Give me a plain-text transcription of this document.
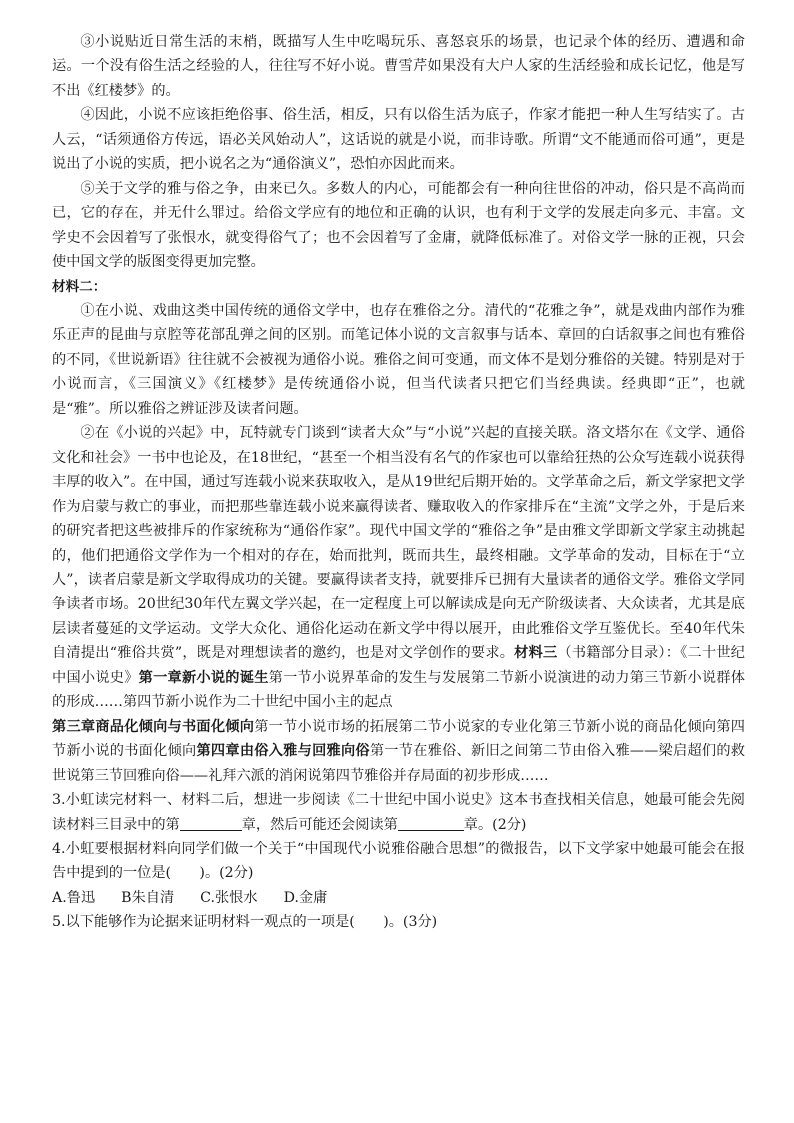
③小说贴近日常生活的末梢，既描写人生中吃喝玩乐、喜怒哀乐的场景，也记录个体的经历、遭遇和命运。一个没有俗生活之经验的人，往往写不好小说。曹雪芹如果没有大户人家的生活经验和成长记忆，他是写不出《红楼梦》的。

④因此，小说不应该拒绝俗事、俗生活，相反，只有以俗生活为底子，作家才能把一种人生写结实了。古人云，“话须通俗方传远，语必关风始动人”，这话说的就是小说，而非诗歌。所谓“文不能通而俗可通”，更是说出了小说的实质，把小说名之为“通俗演义”，恐怕亦因此而来。

⑤关于文学的雅与俗之争，由来已久。多数人的内心，可能都会有一种向往世俗的冲动，俗只是不高尚而已，它的存在，并无什么罪过。给俗文学应有的地位和正确的认识，也有利于文学的发展走向多元、丰富。文学史不会因着写了张恨水，就变得俗气了；也不会因着写了金庸，就降低标准了。对俗文学一脉的正视，只会使中国文学的版图变得更加完整。

材料二：

①在小说、戏曲这类中国传统的通俗文学中，也存在雅俗之分。清代的“花雅之争”，就是戏曲内部作为雅乐正声的昆曲与京腔等花部乱弹之间的区别。而笔记体小说的文言叙事与话本、章回的白话叙事之间也有雅俗的不同，《世说新语》往往就不会被视为通俗小说。雅俗之间可变通，而文体不是划分雅俗的关键。特别是对于小说而言，《三国演义》《红楼梦》是传统通俗小说，但当代读者只把它们当经典读。经典即“正”，也就是“雅”。所以雅俗之辨证涉及读者问题。

②在《小说的兴起》中，瓦特就专门谈到“读者大众”与“小说”兴起的直接关联。洛文塔尔在《文学、通俗文化和社会》一书中也论及，在18世纪，“甚至一个相当没有名气的作家也可以靠给狂热的公众写连载小说获得丰厚的收入”。在中国，通过写连载小说来获取收入，是从19世纪后期开始的。文学革命之后，新文学家把文学作为启蒙与救亡的事业，而把那些靠连载小说来赢得读者、赚取收入的作家排斥在“主流”文学之外，于是后来的研究者把这些被排斥的作家统称为“通俗作家”。现代中国文学的“雅俗之争”是由雅文学即新文学家主动挑起的，他们把通俗文学作为一个相对的存在，始而批判，既而共生，最终相融。文学革命的发动，目标在于“立人”，读者启蒙是新文学取得成功的关键。要赢得读者支持，就要排斥已拥有大量读者的通俗文学。雅俗文学同争读者市场。20世纪30年代左翼文学兴起，在一定程度上可以解读成是向无产阶级读者、大众读者，尤其是底层读者蔓延的文学运动。文学大众化、通俗化运动在新文学中得以展开，由此雅俗文学互鉴优长。至40年代朱自清提出“雅俗共赏”，既是对理想读者的邀约，也是对文学创作的要求。材料三（书籍部分目录）：《二十世纪中国小说史》第一章新小说的诞生第一节小说界革命的发生与发展第二节新小说演进的动力第三节新小说群体的形成……第四节新小说作为二十世纪中国小主的起点

第三章商品化倾向与书面化倾向第一节小说市场的拓展第二节小说家的专业化第三节新小说的商品化倾向第四节新小说的书面化倾向第四章由俗入雅与回雅向俗第一节在雅俗、新旧之间第二节由俗入雅——梁启超们的救世说第三节回雅向俗——礼拜六派的消闲说第四节雅俗并存局面的初步形成……

3.小虹读完材料一、材料二后，想进一步阅读《二十世纪中国小说史》这本书查找相关信息，她最可能会先阅读材料三目录中的第	章，然后可能还会阅读第	章。(2分)

4.小虹要根据材料向同学们做一个关于“中国现代小说雅俗融合思想”的微报告，以下文学家中她最可能会在报告中提到的一位是(　　)。(2分)

A.鲁迅 B朱自清 C.张恨水 D.金庸

5.以下能够作为论据来证明材料一观点的一项是(　　)。(3分)
